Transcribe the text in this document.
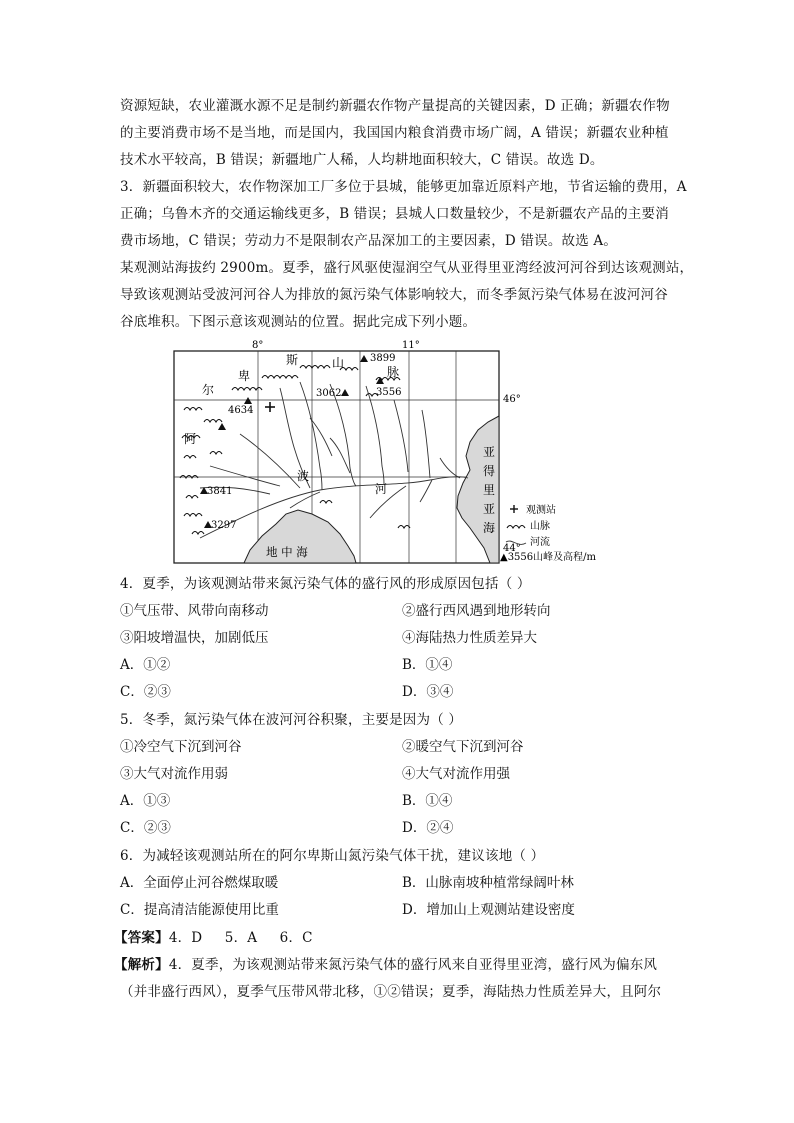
资源短缺，农业灌溉水源不足是制约新疆农作物产量提高的关键因素，D 正确；新疆农作物
的主要消费市场不是当地，而是国内，我国国内粮食消费市场广阔，A 错误；新疆农业种植
技术水平较高，B 错误；新疆地广人稀，人均耕地面积较大，C 错误。故选 D。
3．新疆面积较大，农作物深加工厂多位于县城，能够更加靠近原料产地，节省运输的费用，A
正确；乌鲁木齐的交通运输线更多，B 错误；县城人口数量较少，不是新疆农产品的主要消
费市场地，C 错误；劳动力不是限制农产品深加工的主要因素，D 错误。故选 A。
某观测站海拔约 2900m。夏季，盛行风驱使湿润空气从亚得里亚湾经波河河谷到达该观测站，
导致该观测站受波河河谷人为排放的氮污染气体影响较大，而冬季氮污染气体易在波河河谷
谷底堆积。下图示意该观测站的位置。据此完成下列小题。
8°	11°
46°
44°
亚
得
里
亚
海
地 中 海
斯	山
脉
卑
尔
阿
波
河
3899
3062	3556
4634
3841
3297
观测站
山脉
河流
▲3556山峰及高程/m
4．夏季，为该观测站带来氮污染气体的盛行风的形成原因包括（ ）
①气压带、风带向南移动	②盛行西风遇到地形转向
③阳坡增温快，加剧低压	④海陆热力性质差异大
A．①②	B．①④
C．②③	D．③④
5．冬季，氮污染气体在波河河谷积聚，主要是因为（ ）
①冷空气下沉到河谷	②暖空气下沉到河谷
③大气对流作用弱	④大气对流作用强
A．①③	B．①④
C．②③	D．②④
6．为减轻该观测站所在的阿尔卑斯山氮污染气体干扰，建议该地（ ）
A．全面停止河谷燃煤取暖	B．山脉南坡种植常绿阔叶林
C．提高清洁能源使用比重	D．增加山上观测站建设密度
【答案】4．D     5．A     6．C
【解析】4．夏季，为该观测站带来氮污染气体的盛行风来自亚得里亚湾，盛行风为偏东风
（并非盛行西风），夏季气压带风带北移，①②错误；夏季，海陆热力性质差异大，且阿尔
